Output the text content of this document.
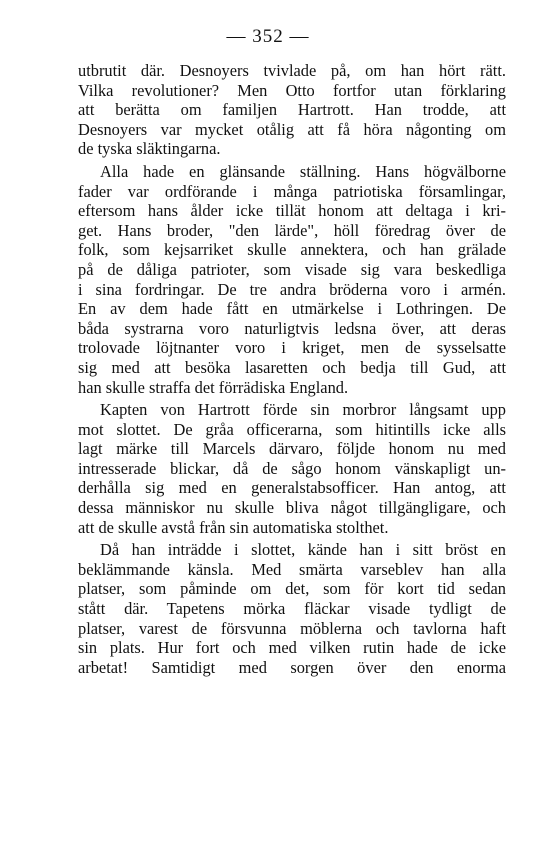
— 352 —
utbrutit där. Desnoyers tvivlade på, om han hört rätt.
Vilka revolutioner? Men Otto fortfor utan förklaring
att berätta om familjen Hartrott. Han trodde, att
Desnoyers var mycket otålig att få höra någonting om
de tyska släktingarna.
Alla hade en glänsande ställning. Hans högvälborne
fader var ordförande i många patriotiska församlingar,
eftersom hans ålder icke tillät honom att deltaga i kri-
get. Hans broder, "den lärde", höll föredrag över de
folk, som kejsarriket skulle annektera, och han grälade
på de dåliga patrioter, som visade sig vara beskedliga
i sina fordringar. De tre andra bröderna voro i armén.
En av dem hade fått en utmärkelse i Lothringen. De
båda systrarna voro naturligtvis ledsna över, att deras
trolovade löjtnanter voro i kriget, men de sysselsatte
sig med att besöka lasaretten och bedja till Gud, att
han skulle straffa det förrädiska England.
Kapten von Hartrott förde sin morbror långsamt upp
mot slottet. De gråa officerarna, som hitintills icke alls
lagt märke till Marcels därvaro, följde honom nu med
intresserade blickar, då de sågo honom vänskapligt un-
derhålla sig med en generalstabsofficer. Han antog, att
dessa människor nu skulle bliva något tillgängligare, och
att de skulle avstå från sin automatiska stolthet.
Då han inträdde i slottet, kände han i sitt bröst en
beklämmande känsla. Med smärta varseblev han alla
platser, som påminde om det, som för kort tid sedan
stått där. Tapetens mörka fläckar visade tydligt de
platser, varest de försvunna möblerna och tavlorna haft
sin plats. Hur fort och med vilken rutin hade de icke
arbetat! Samtidigt med sorgen över den enorma
